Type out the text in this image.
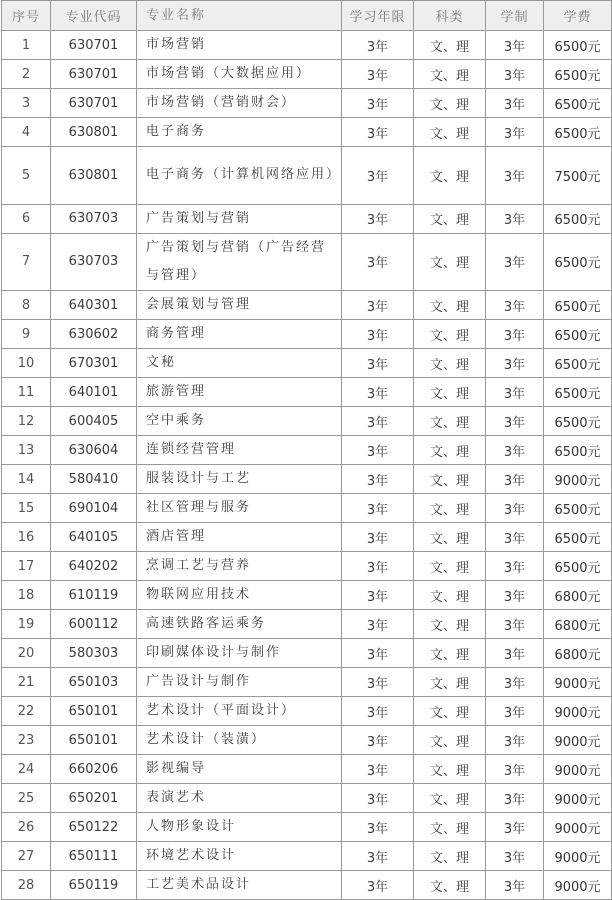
序号	专业代码	专业名称	学习年限	科类	学制	学费
1	630701	市场营销	3年	文、理	3年	6500元
2	630701	市场营销（大数据应用）	3年	文、理	3年	6500元
3	630701	市场营销（营销财会）	3年	文、理	3年	6500元
4	630801	电子商务	3年	文、理	3年	6500元
5	630801	电子商务（计算机网络应用）	3年	文、理	3年	7500元
6	630703	广告策划与营销	3年	文、理	3年	6500元
7	630703	广告策划与营销（广告经营与管理）	3年	文、理	3年	6500元
8	640301	会展策划与管理	3年	文、理	3年	6500元
9	630602	商务管理	3年	文、理	3年	6500元
10	670301	文秘	3年	文、理	3年	6500元
11	640101	旅游管理	3年	文、理	3年	6500元
12	600405	空中乘务	3年	文、理	3年	6500元
13	630604	连锁经营管理	3年	文、理	3年	6500元
14	580410	服装设计与工艺	3年	文、理	3年	9000元
15	690104	社区管理与服务	3年	文、理	3年	6500元
16	640105	酒店管理	3年	文、理	3年	6500元
17	640202	烹调工艺与营养	3年	文、理	3年	6500元
18	610119	物联网应用技术	3年	文、理	3年	6800元
19	600112	高速铁路客运乘务	3年	文、理	3年	6800元
20	580303	印刷媒体设计与制作	3年	文、理	3年	6800元
21	650103	广告设计与制作	3年	文、理	3年	9000元
22	650101	艺术设计（平面设计）	3年	文、理	3年	9000元
23	650101	艺术设计（装潢）	3年	文、理	3年	9000元
24	660206	影视编导	3年	文、理	3年	9000元
25	650201	表演艺术	3年	文、理	3年	9000元
26	650122	人物形象设计	3年	文、理	3年	9000元
27	650111	环境艺术设计	3年	文、理	3年	9000元
28	650119	工艺美术品设计	3年	文、理	3年	9000元
